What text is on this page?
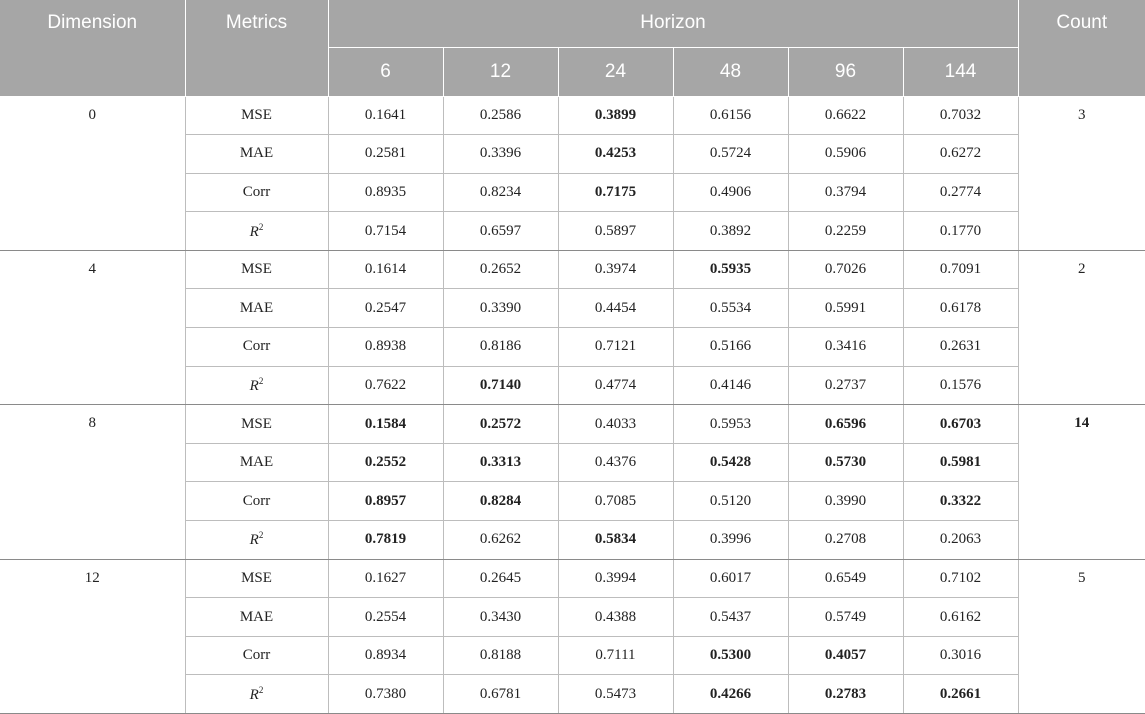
Dimension	Metrics	Horizon						Count
		6	12	24	48	96	144	
0	MSE	0.1641	0.2586	0.3899	0.6156	0.6622	0.7032	3
	MAE	0.2581	0.3396	0.4253	0.5724	0.5906	0.6272	
	Corr	0.8935	0.8234	0.7175	0.4906	0.3794	0.2774	
	$R^2$	0.7154	0.6597	0.5897	0.3892	0.2259	0.1770	
4	MSE	0.1614	0.2652	0.3974	0.5935	0.7026	0.7091	2
	MAE	0.2547	0.3390	0.4454	0.5534	0.5991	0.6178	
	Corr	0.8938	0.8186	0.7121	0.5166	0.3416	0.2631	
	$R^2$	0.7622	0.7140	0.4774	0.4146	0.2737	0.1576	
8	MSE	0.1584	0.2572	0.4033	0.5953	0.6596	0.6703	14
	MAE	0.2552	0.3313	0.4376	0.5428	0.5730	0.5981	
	Corr	0.8957	0.8284	0.7085	0.5120	0.3990	0.3322	
	$R^2$	0.7819	0.6262	0.5834	0.3996	0.2708	0.2063	
12	MSE	0.1627	0.2645	0.3994	0.6017	0.6549	0.7102	5
	MAE	0.2554	0.3430	0.4388	0.5437	0.5749	0.6162	
	Corr	0.8934	0.8188	0.7111	0.5300	0.4057	0.3016	
	$R^2$	0.7380	0.6781	0.5473	0.4266	0.2783	0.2661	
